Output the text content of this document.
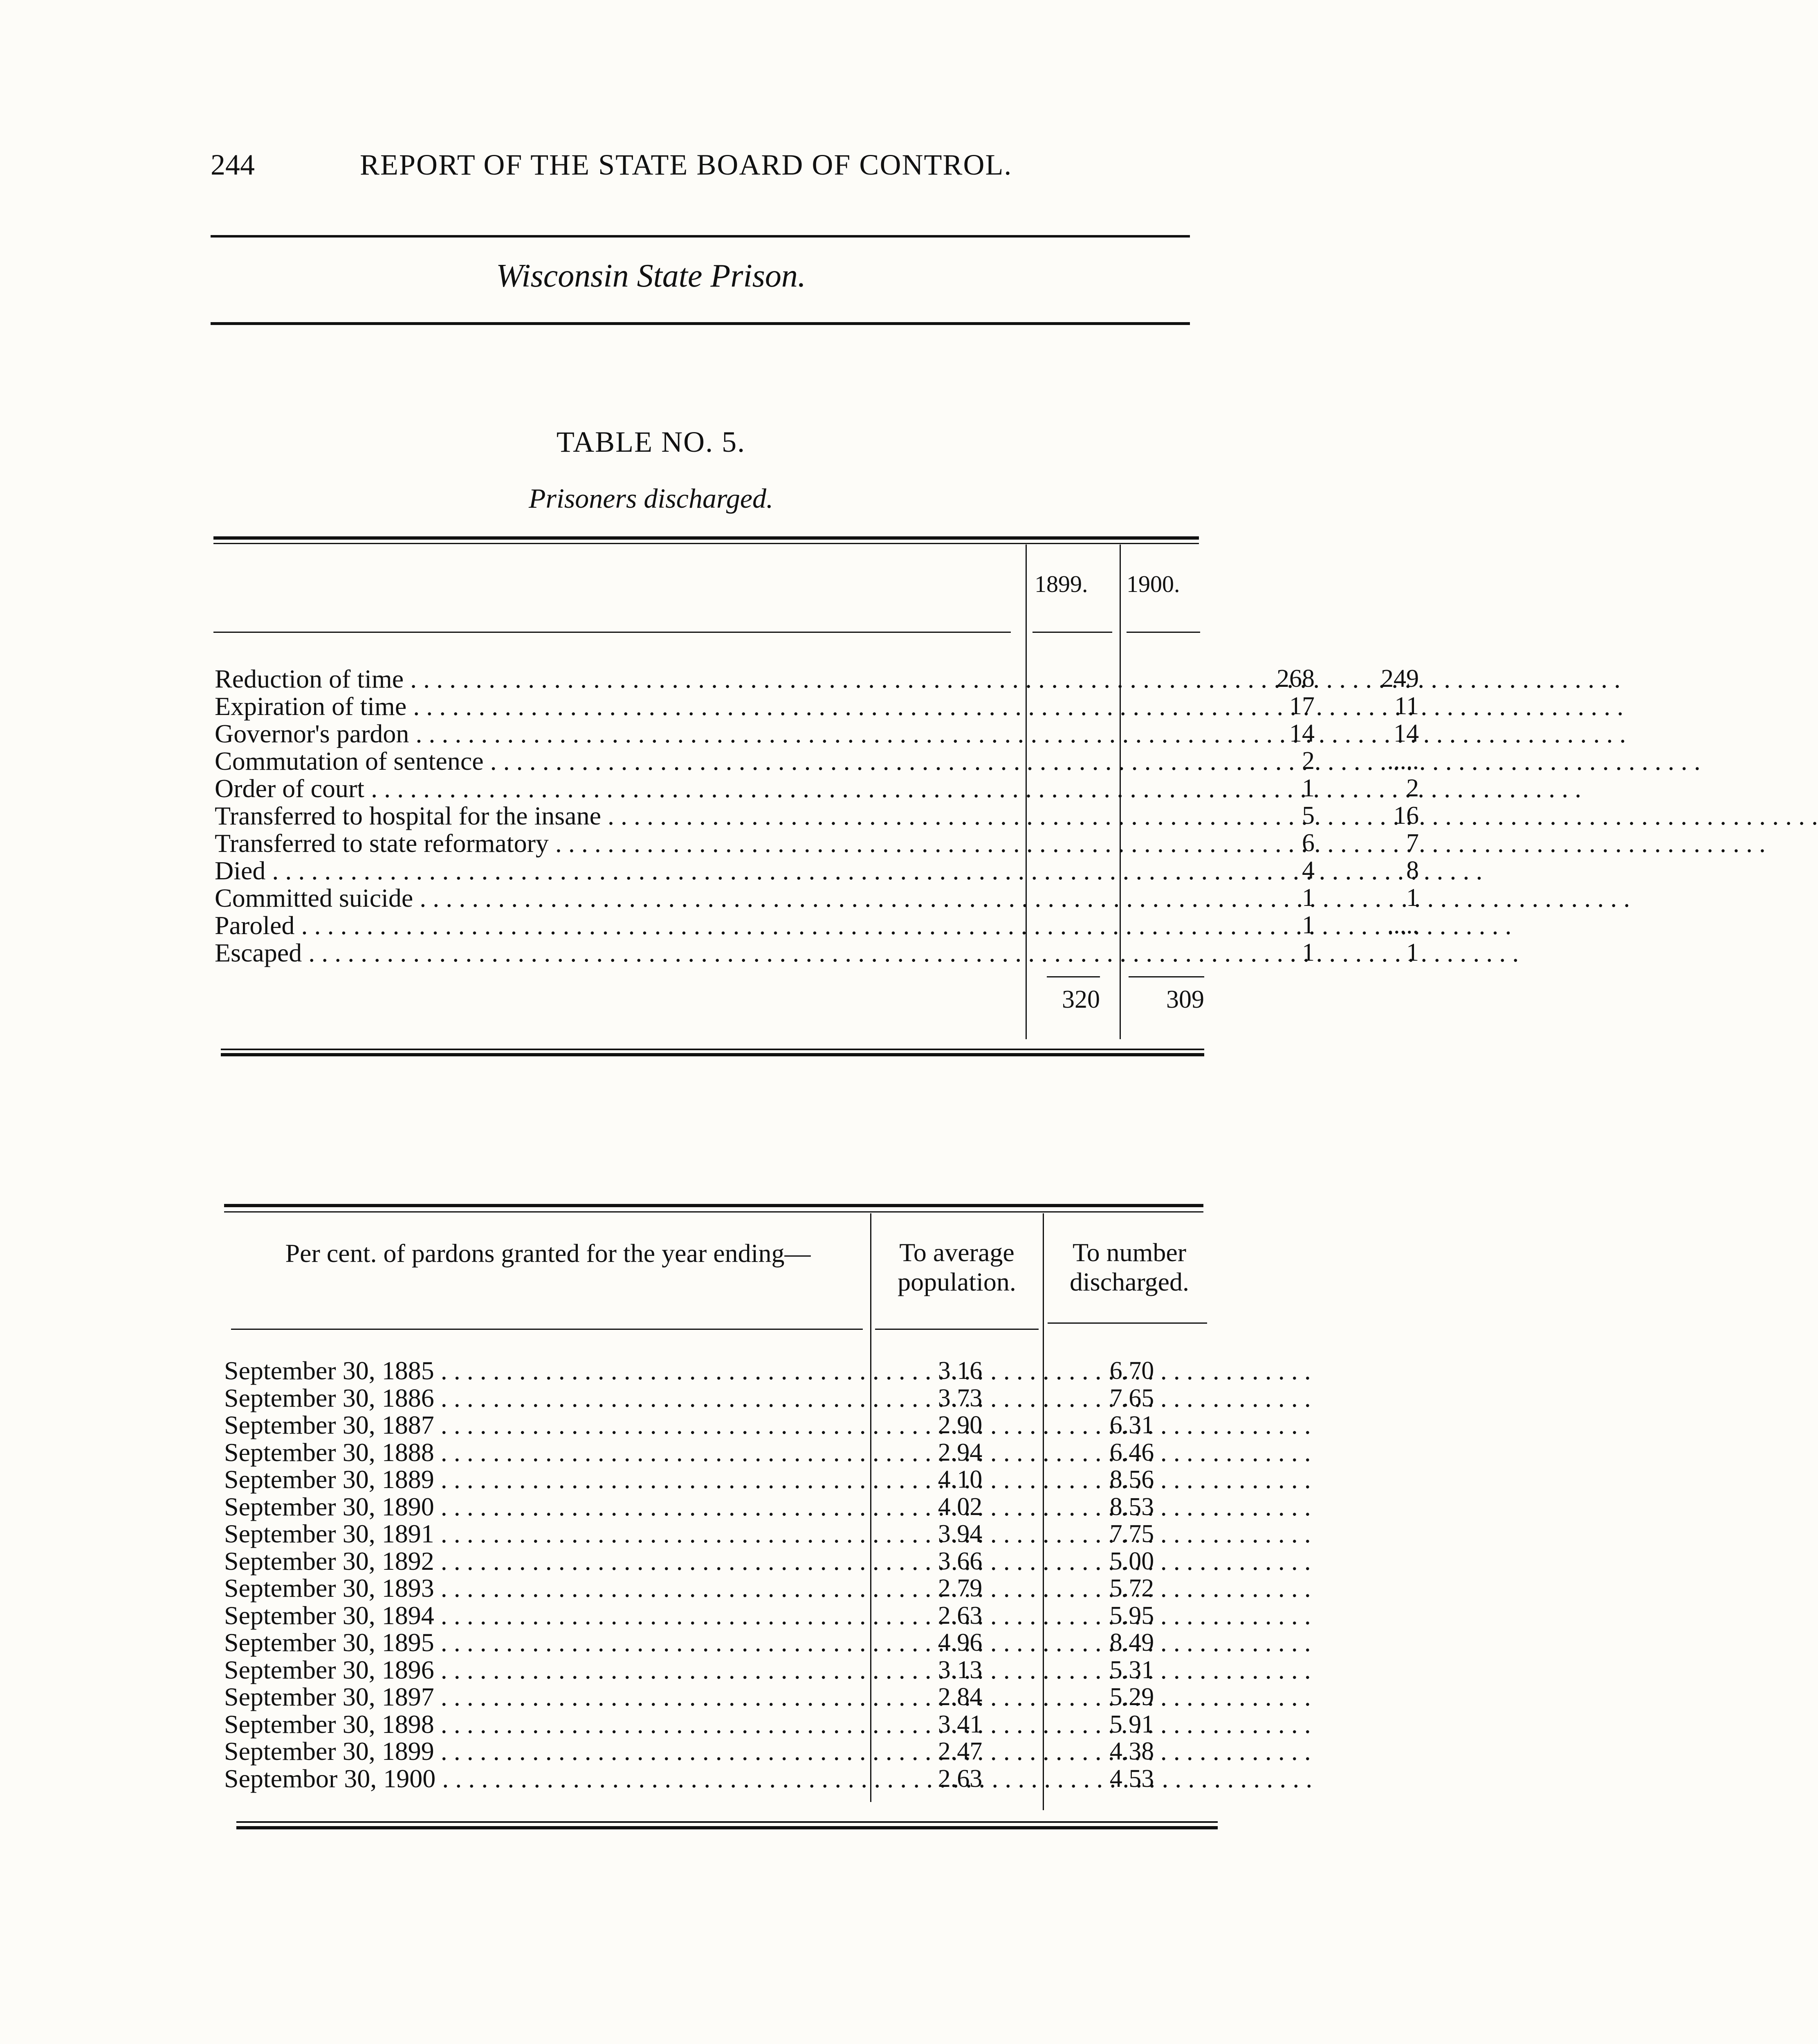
244	REPORT OF THE STATE BOARD OF CONTROL.
Wisconsin State Prison.
TABLE NO. 5.
Prisoners discharged.
1899. 1900.
Reduction of time . . .	268	249
Expiration of time . . .	17	11
Governor's pardon . . .	14	14
Commutation of sentence . . .	2	.....
Order of court . . .	1	2
Transferred to hospital for the insane . . .	5	16
Transferred to state reformatory . . .	6	7
Died . . .	4	8
Committed suicide . . .	1	1
Paroled . . .	1	.....
Escaped . . .	1	1
320	309
Per cent. of pardons granted for the year ending—	To average population.
To number discharged.
September 30, 1885 . . .	3.16	6.70
September 30, 1886 . . .	3.73	7.65
September 30, 1887 . . .	2.90	6.31
September 30, 1888 . . .	2.94	6.46
September 30, 1889 . . .	4.10	8.56
September 30, 1890 . . .	4.02	8.53
September 30, 1891 . . .	3.94	7.75
September 30, 1892 . . .	3 66	5.00
September 30, 1893 . . .	2.79	5.72
September 30, 1894 . . .	2.63	5.95
September 30, 1895 . . .	4.96	8.49
September 30, 1896 . . .	3.13	5.31
September 30, 1897 . . .	2.84	5.29
September 30, 1898 . . .	3.41	5 91
September 30, 1899 . . .	2.47	4.38
Septembor 30, 1900 . . .	2.63	4 53
